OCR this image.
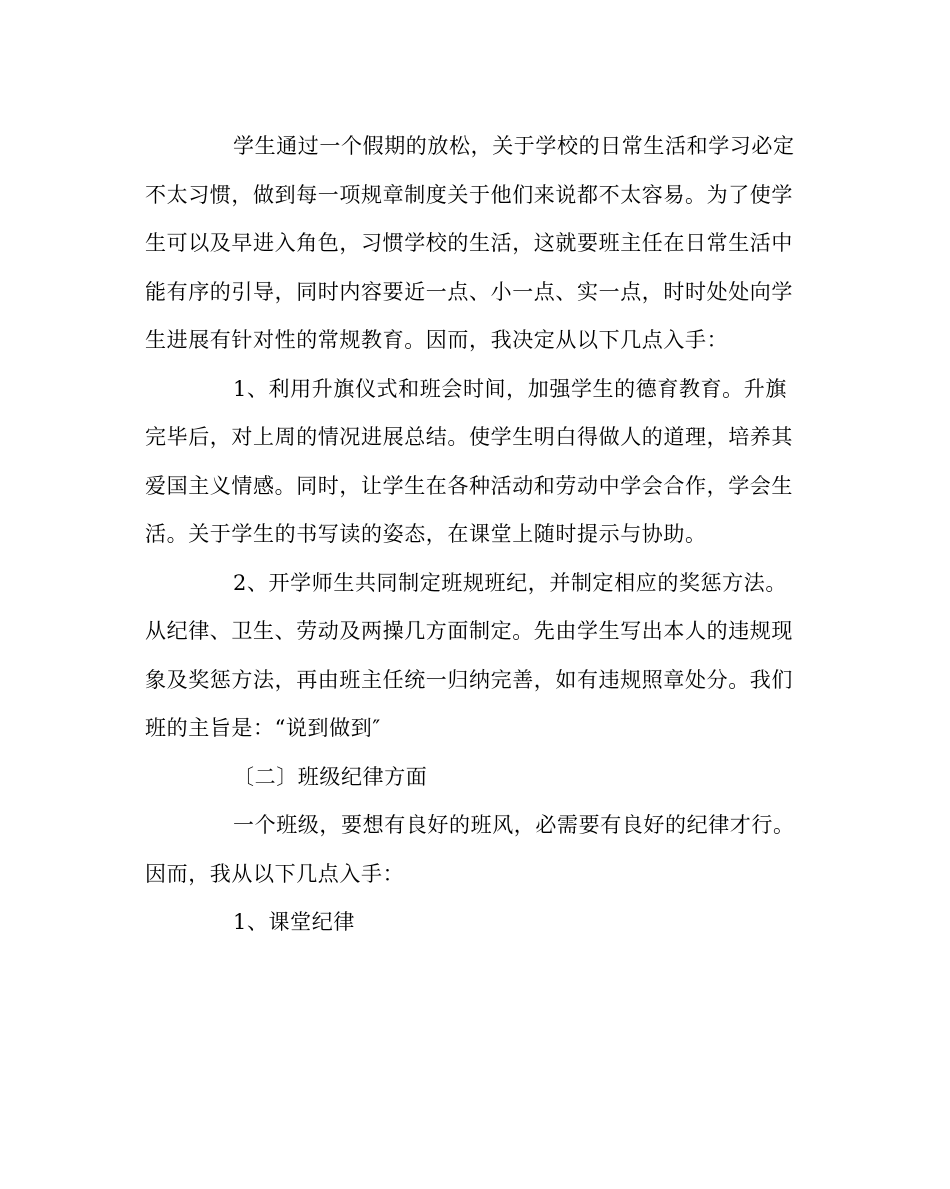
学生通过一个假期的放松，关于学校的日常生活和学习必定
不太习惯，做到每一项规章制度关于他们来说都不太容易。为了使学
生可以及早进入角色，习惯学校的生活，这就要班主任在日常生活中
能有序的引导，同时内容要近一点、小一点、实一点，时时处处向学
生进展有针对性的常规教育。因而，我决定从以下几点入手：

1、利用升旗仪式和班会时间，加强学生的德育教育。升旗
完毕后，对上周的情况进展总结。使学生明白得做人的道理，培养其
爱国主义情感。同时，让学生在各种活动和劳动中学会合作，学会生
活。关于学生的书写读的姿态，在课堂上随时提示与协助。

2、开学师生共同制定班规班纪，并制定相应的奖惩方法。
从纪律、卫生、劳动及两操几方面制定。先由学生写出本人的违规现
象及奖惩方法，再由班主任统一归纳完善，如有违规照章处分。我们
班的主旨是：“说到做到″

〔二〕班级纪律方面

一个班级，要想有良好的班风，必需要有良好的纪律才行。
因而，我从以下几点入手：

1、课堂纪律
